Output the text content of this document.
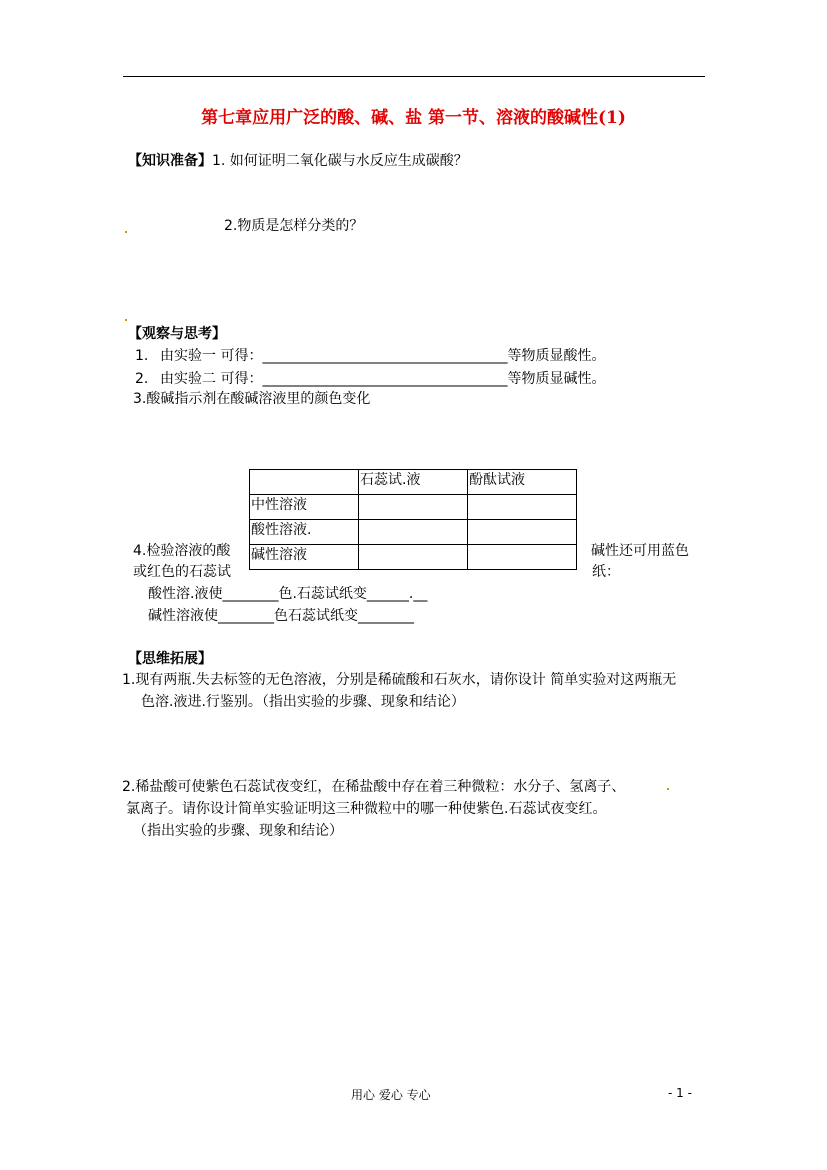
第七章应用广泛的酸、碱、盐 第一节、溶液的酸碱性(1)
【知识准备】1. 如何证明二氧化碳与水反应生成碳酸？
2.物质是怎样分类的？
【观察与思考】
1. 由实验一 可得：___________________________________等物质显酸性。
2. 由实验二 可得：___________________________________等物质显碱性。
3.酸碱指示剂在酸碱溶液里的颜色变化
	石蕊试.液	酚酞试液
中性溶液		
酸性溶液.		
碱性溶液		
4.检验溶液的酸
或红色的石蕊试
碱性还可用蓝色
纸：
酸性溶.液使________色.石蕊试纸变______.__
碱性溶液使________色石蕊试纸变________
【思维拓展】
1.现有两瓶.失去标签的无色溶液，分别是稀硫酸和石灰水，请你设计 简单实验对这两瓶无
色溶.液进.行鉴别。（指出实验的步骤、现象和结论）
2.稀盐酸可使紫色石蕊试夜变红，在稀盐酸中存在着三种微粒：水分子、氢离子、
氯离子。请你设计简单实验证明这三种微粒中的哪一种使紫色.石蕊试夜变红。
（指出实验的步骤、现象和结论）
用心 爱心 专心	- 1 -
